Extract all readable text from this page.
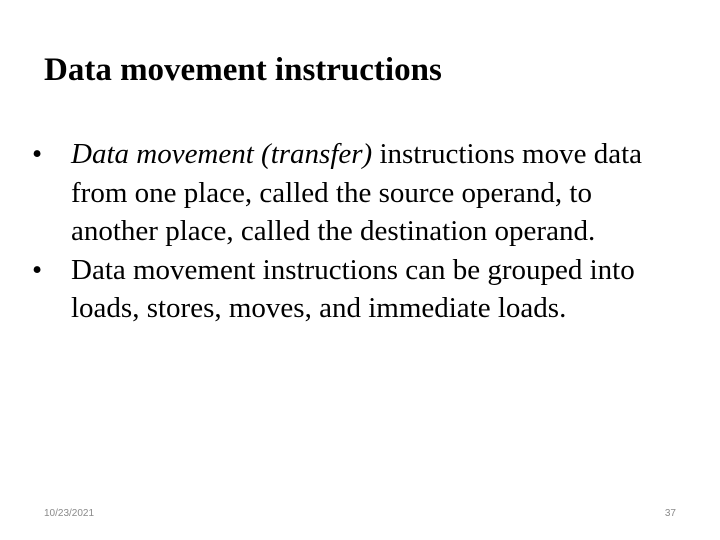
Data movement instructions
• Data movement (transfer) instructions move data from one place, called the source operand, to another place, called the destination operand.
• Data movement instructions can be grouped into loads, stores, moves, and immediate loads.
10/23/2021	37
